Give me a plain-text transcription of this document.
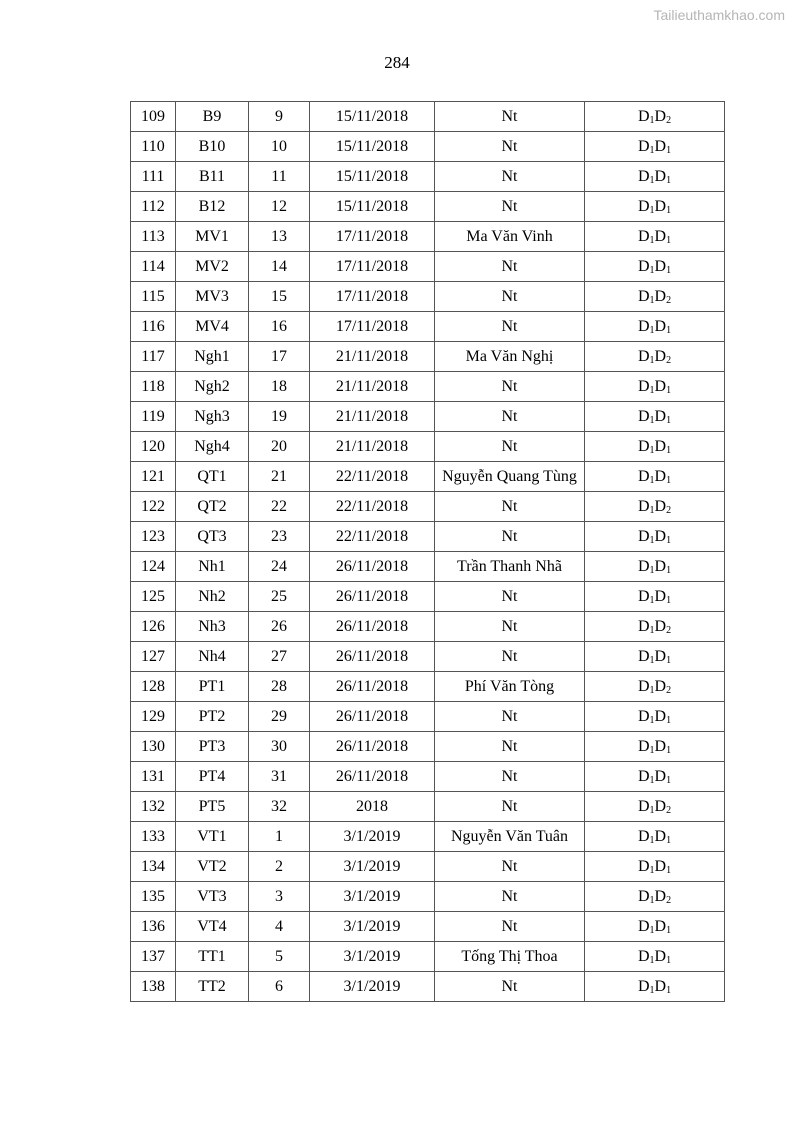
Tailieuthamkhao.com
284
109	B9	9	15/11/2018	Nt	D1D2
110	B10	10	15/11/2018	Nt	D1D1
111	B11	11	15/11/2018	Nt	D1D1
112	B12	12	15/11/2018	Nt	D1D1
113	MV1	13	17/11/2018	Ma Văn Vinh	D1D1
114	MV2	14	17/11/2018	Nt	D1D1
115	MV3	15	17/11/2018	Nt	D1D2
116	MV4	16	17/11/2018	Nt	D1D1
117	Ngh1	17	21/11/2018	Ma Văn Nghị	D1D2
118	Ngh2	18	21/11/2018	Nt	D1D1
119	Ngh3	19	21/11/2018	Nt	D1D1
120	Ngh4	20	21/11/2018	Nt	D1D1
121	QT1	21	22/11/2018	Nguyễn Quang Tùng	D1D1
122	QT2	22	22/11/2018	Nt	D1D2
123	QT3	23	22/11/2018	Nt	D1D1
124	Nh1	24	26/11/2018	Trần Thanh Nhã	D1D1
125	Nh2	25	26/11/2018	Nt	D1D1
126	Nh3	26	26/11/2018	Nt	D1D2
127	Nh4	27	26/11/2018	Nt	D1D1
128	PT1	28	26/11/2018	Phí Văn Tòng	D1D2
129	PT2	29	26/11/2018	Nt	D1D1
130	PT3	30	26/11/2018	Nt	D1D1
131	PT4	31	26/11/2018	Nt	D1D1
132	PT5	32	2018	Nt	D1D2
133	VT1	1	3/1/2019	Nguyễn Văn Tuân	D1D1
134	VT2	2	3/1/2019	Nt	D1D1
135	VT3	3	3/1/2019	Nt	D1D2
136	VT4	4	3/1/2019	Nt	D1D1
137	TT1	5	3/1/2019	Tống Thị Thoa	D1D1
138	TT2	6	3/1/2019	Nt	D1D1
